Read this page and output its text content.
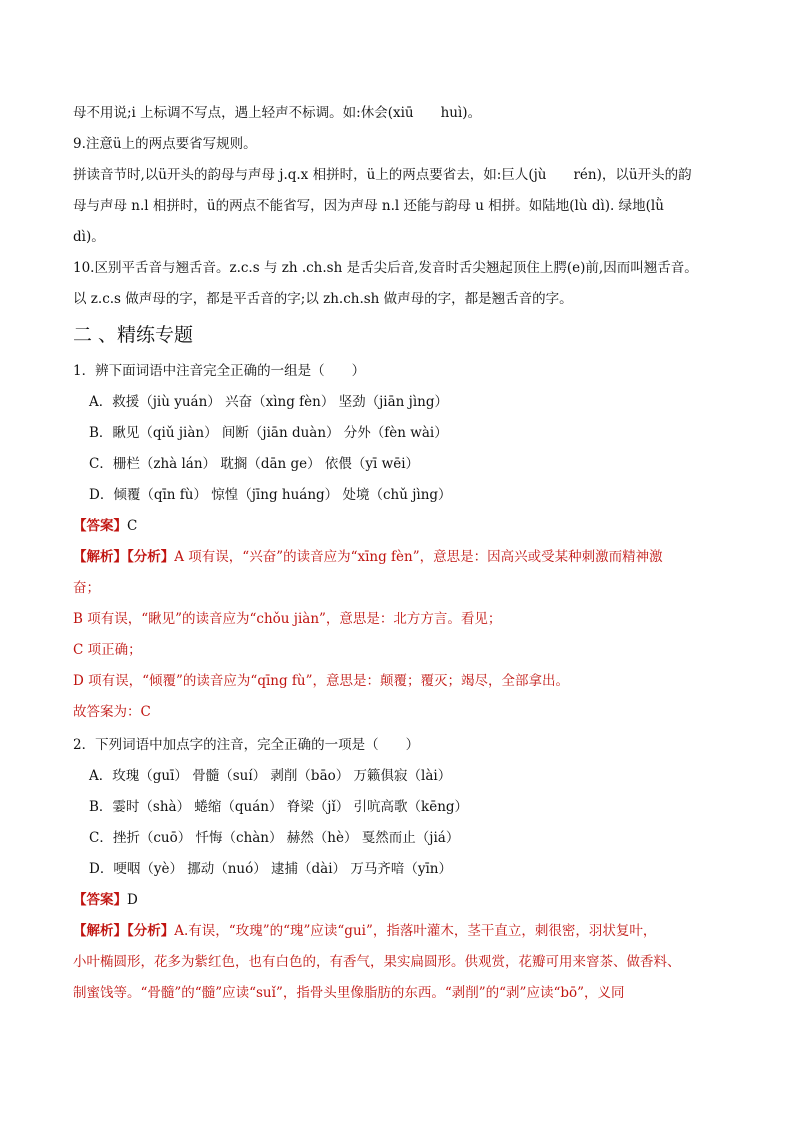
母不用说;i 上标调不写点，遇上轻声不标调。如:休会(xiū　　huì)。
9.注意ü上的两点要省写规则。
拼读音节时,以ü开头的韵母与声母 j.q.x 相拼时，ü上的两点要省去，如:巨人(jù　　rén)，以ü开头的韵
母与声母 n.l 相拼时，ü的两点不能省写，因为声母 n.l 还能与韵母 u 相拼。如陆地(lù dì). 绿地(lǜ
dì)。
10.区别平舌音与翘舌音。z.c.s 与 zh .ch.sh 是舌尖后音,发音时舌尖翘起顶住上腭(e)前,因而叫翘舌音。
以 z.c.s 做声母的字，都是平舌音的字;以 zh.ch.sh 做声母的字，都是翘舌音的字。
二 、精练专题
1．辨下面词语中注音完全正确的一组是（　　）
A．救援（jiù yuán） 兴奋（xìng fèn） 坚劲（jiān jìng）
B．瞅见（qiǔ jiàn） 间断（jiān duàn） 分外（fèn wài）
C．栅栏（zhà lán） 耽搁（dān ge） 依偎（yī wēi）
D．倾覆（qīn fù） 惊惶（jīng huáng） 处境（chǔ jìng）
【答案】C
【解析】【分析】A 项有误，“兴奋”的读音应为“xīng fèn”，意思是：因高兴或受某种刺激而精神激
奋；
B 项有误，“瞅见”的读音应为“chǒu jiàn”，意思是：北方方言。看见；
C 项正确；
D 项有误，“倾覆”的读音应为“qīng fù”，意思是：颠覆；覆灭；竭尽，全部拿出。
故答案为：C
2．下列词语中加点字的注音，完全正确的一项是（　　）
A．玫瑰（guī） 骨髓（suí） 剥削（bāo） 万籁俱寂（lài）
B．霎时（shà） 蜷缩（quán） 脊梁（jǐ） 引吭高歌（kēng）
C．挫折（cuō） 忏悔（chàn） 赫然（hè） 戛然而止（jiá）
D．哽咽（yè） 挪动（nuó） 逮捕（dài） 万马齐喑（yīn）
【答案】D
【解析】【分析】A.有误，“玫瑰”的“瑰”应读“gui”，指落叶灌木，茎干直立，刺很密，羽状复叶，
小叶椭圆形，花多为紫红色，也有白色的，有香气，果实扁圆形。供观赏，花瓣可用来窨茶、做香料、
制蜜饯等。“骨髓”的“髓”应读“suǐ”，指骨头里像脂肪的东西。“剥削”的“剥”应读“bō”，义同
